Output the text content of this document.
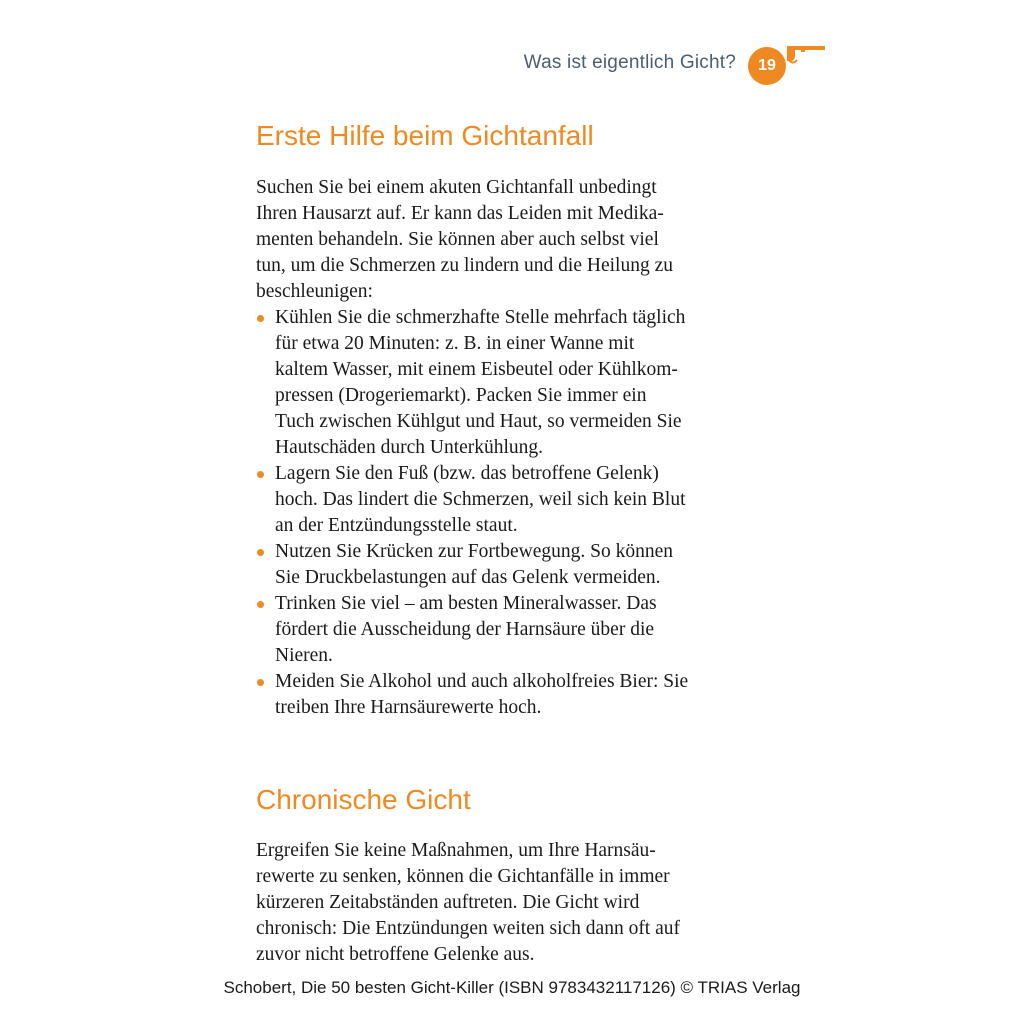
Was ist eigentlich Gicht?	19
Erste Hilfe beim Gichtanfall

Suchen Sie bei einem akuten Gichtanfall unbedingt
Ihren Hausarzt auf. Er kann das Leiden mit Medika-
menten behandeln. Sie können aber auch selbst viel
tun, um die Schmerzen zu lindern und die Heilung zu
beschleunigen:

Kühlen Sie die schmerzhafte Stelle mehrfach täglich
für etwa 20 Minuten: z. B. in einer Wanne mit
kaltem Wasser, mit einem Eisbeutel oder Kühlkom-
pressen (Drogeriemarkt). Packen Sie immer ein
Tuch zwischen Kühlgut und Haut, so vermeiden Sie
Hautschäden durch Unterkühlung.
Lagern Sie den Fuß (bzw. das betroffene Gelenk)
hoch. Das lindert die Schmerzen, weil sich kein Blut
an der Entzündungsstelle staut.
Nutzen Sie Krücken zur Fortbewegung. So können
Sie Druckbelastungen auf das Gelenk vermeiden.
Trinken Sie viel – am besten Mineralwasser. Das
fördert die Ausscheidung der Harnsäure über die
Nieren.
Meiden Sie Alkohol und auch alkoholfreies Bier: Sie
treiben Ihre Harnsäurewerte hoch.
Chronische Gicht

Ergreifen Sie keine Maßnahmen, um Ihre Harnsäu-
rewerte zu senken, können die Gichtanfälle in immer
kürzeren Zeitabständen auftreten. Die Gicht wird
chronisch: Die Entzündungen weiten sich dann oft auf
zuvor nicht betroffene Gelenke aus.

Schobert, Die 50 besten Gicht-Killer (ISBN 9783432117126) © TRIAS Verlag
